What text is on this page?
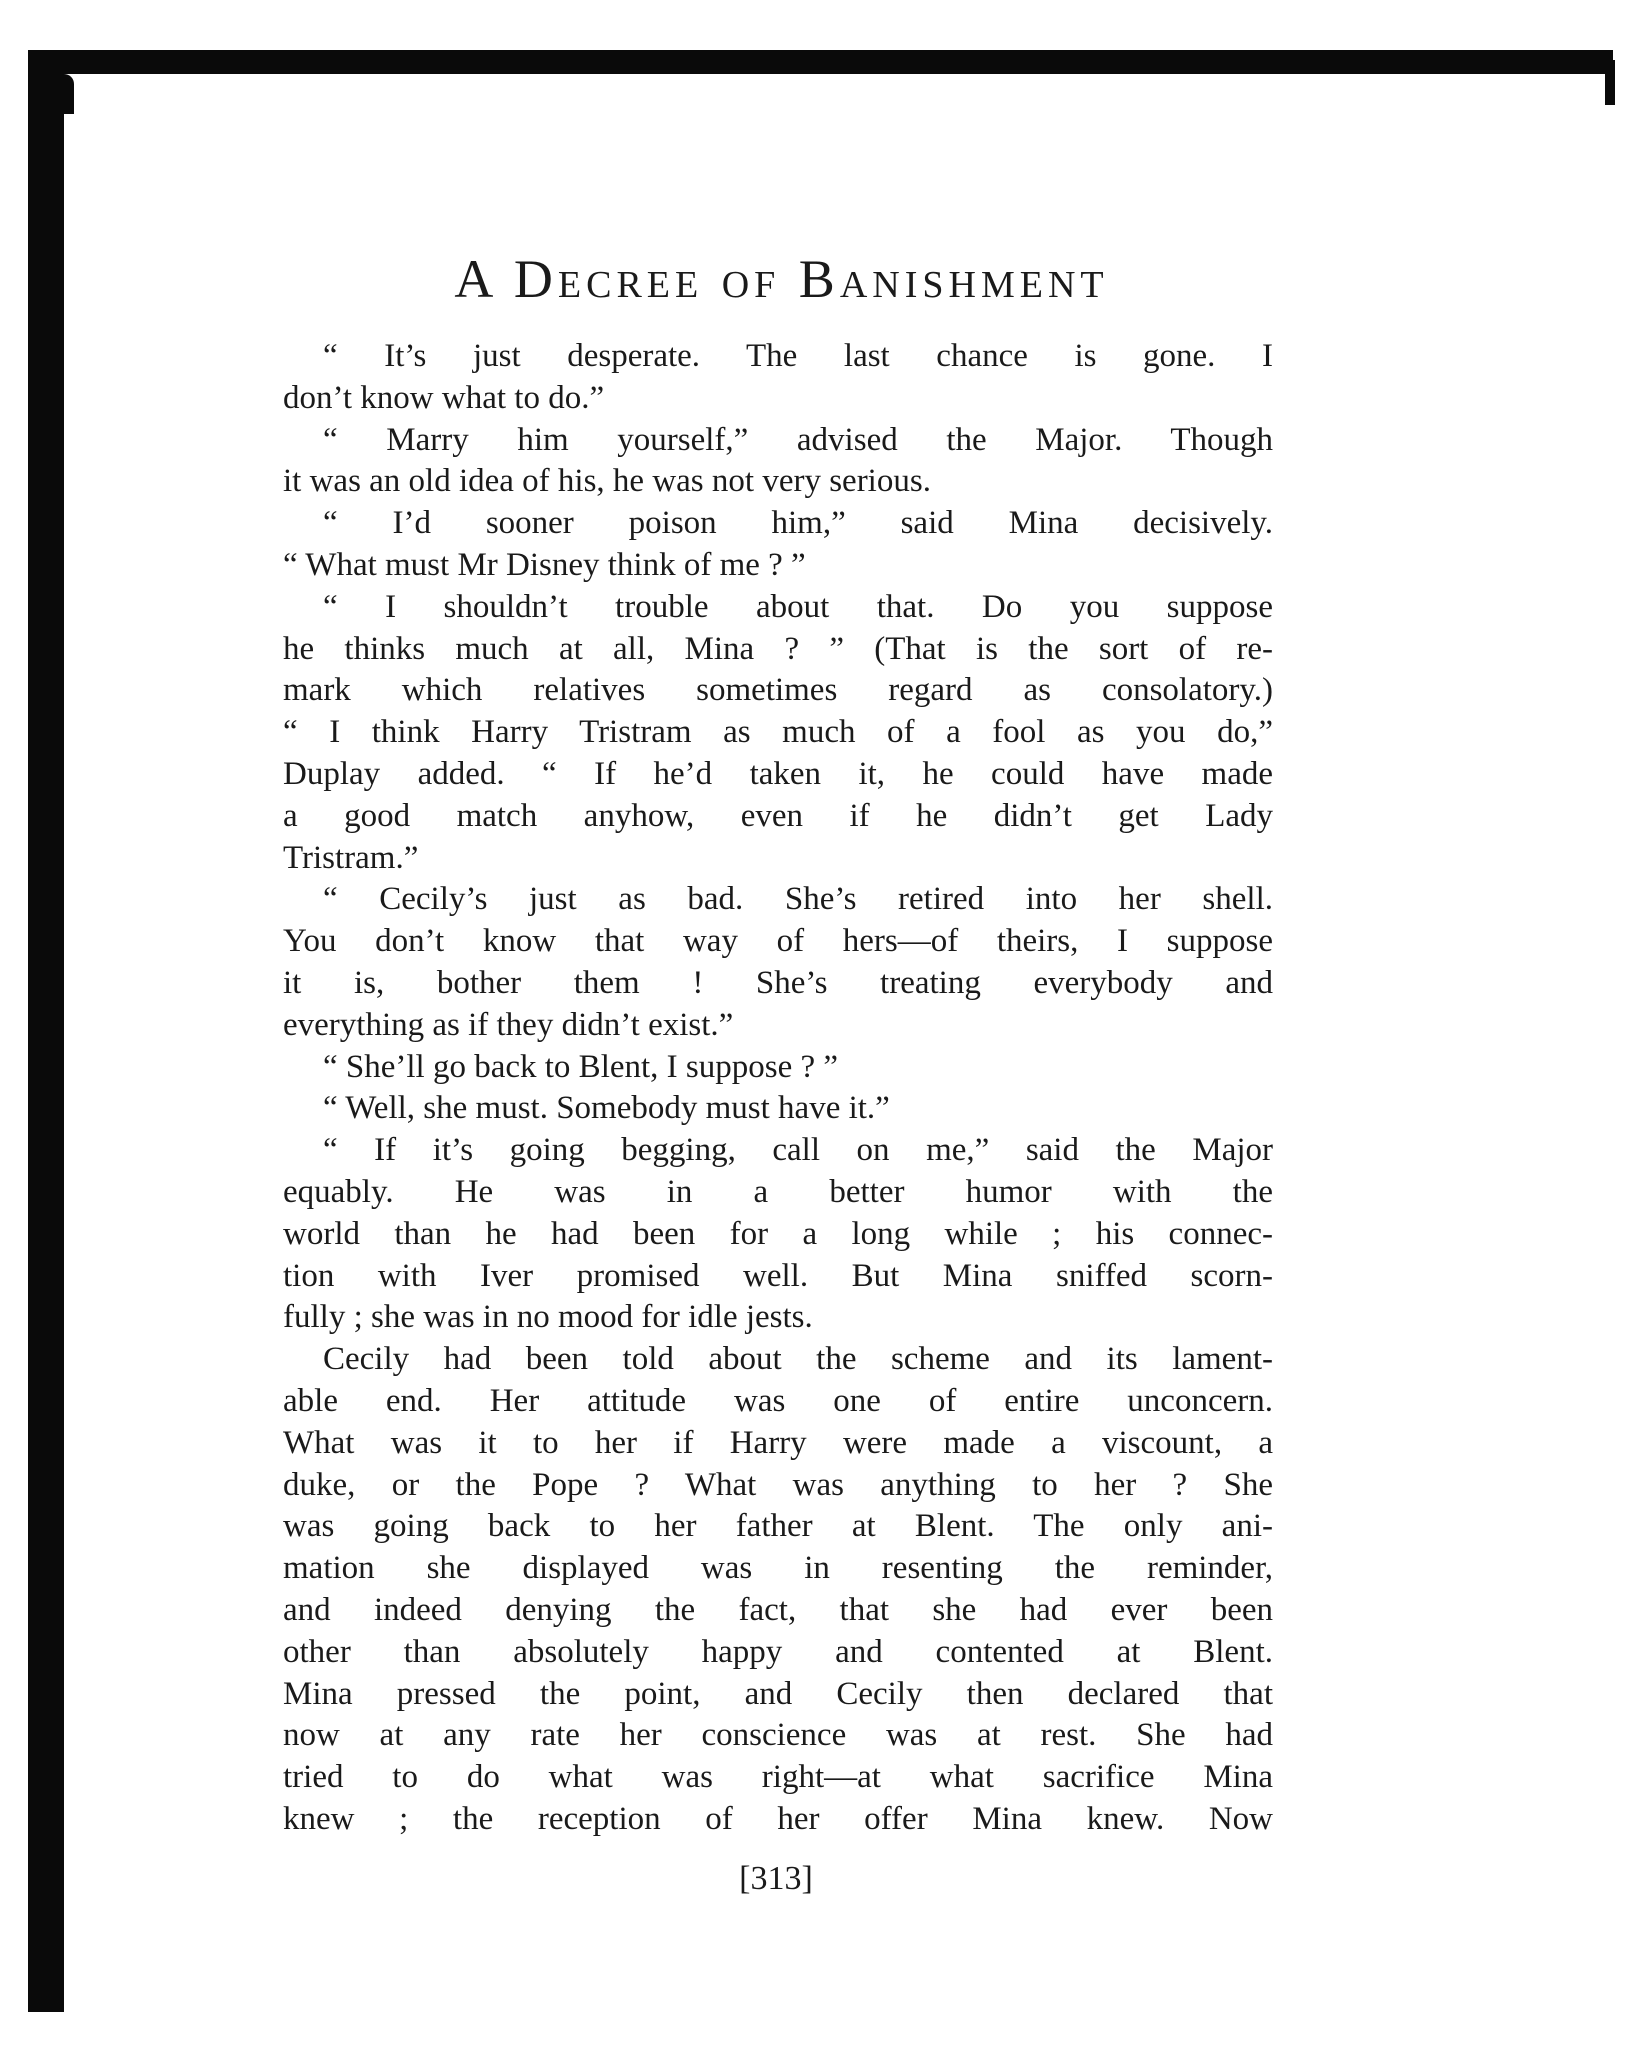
A Decree of Banishment
“ It’s just desperate. The last chance is gone. I
don’t know what to do.”
“ Marry him yourself,” advised the Major. Though
it was an old idea of his, he was not very serious.
“ I’d sooner poison him,” said Mina decisively.
“ What must Mr Disney think of me ? ”
“ I shouldn’t trouble about that. Do you suppose
he thinks much at all, Mina ? ” (That is the sort of re-
mark which relatives sometimes regard as consolatory.)
“ I think Harry Tristram as much of a fool as you do,”
Duplay added. “ If he’d taken it, he could have made
a good match anyhow, even if he didn’t get Lady
Tristram.”
“ Cecily’s just as bad. She’s retired into her shell.
You don’t know that way of hers—of theirs, I suppose
it is, bother them ! She’s treating everybody and
everything as if they didn’t exist.”
“ She’ll go back to Blent, I suppose ? ”
“ Well, she must. Somebody must have it.”
“ If it’s going begging, call on me,” said the Major
equably. He was in a better humor with the
world than he had been for a long while ; his connec-
tion with Iver promised well. But Mina sniffed scorn-
fully ; she was in no mood for idle jests.
Cecily had been told about the scheme and its lament-
able end. Her attitude was one of entire unconcern.
What was it to her if Harry were made a viscount, a
duke, or the Pope ? What was anything to her ? She
was going back to her father at Blent. The only ani-
mation she displayed was in resenting the reminder,
and indeed denying the fact, that she had ever been
other than absolutely happy and contented at Blent.
Mina pressed the point, and Cecily then declared that
now at any rate her conscience was at rest. She had
tried to do what was right—at what sacrifice Mina
knew ; the reception of her offer Mina knew. Now
[313]
